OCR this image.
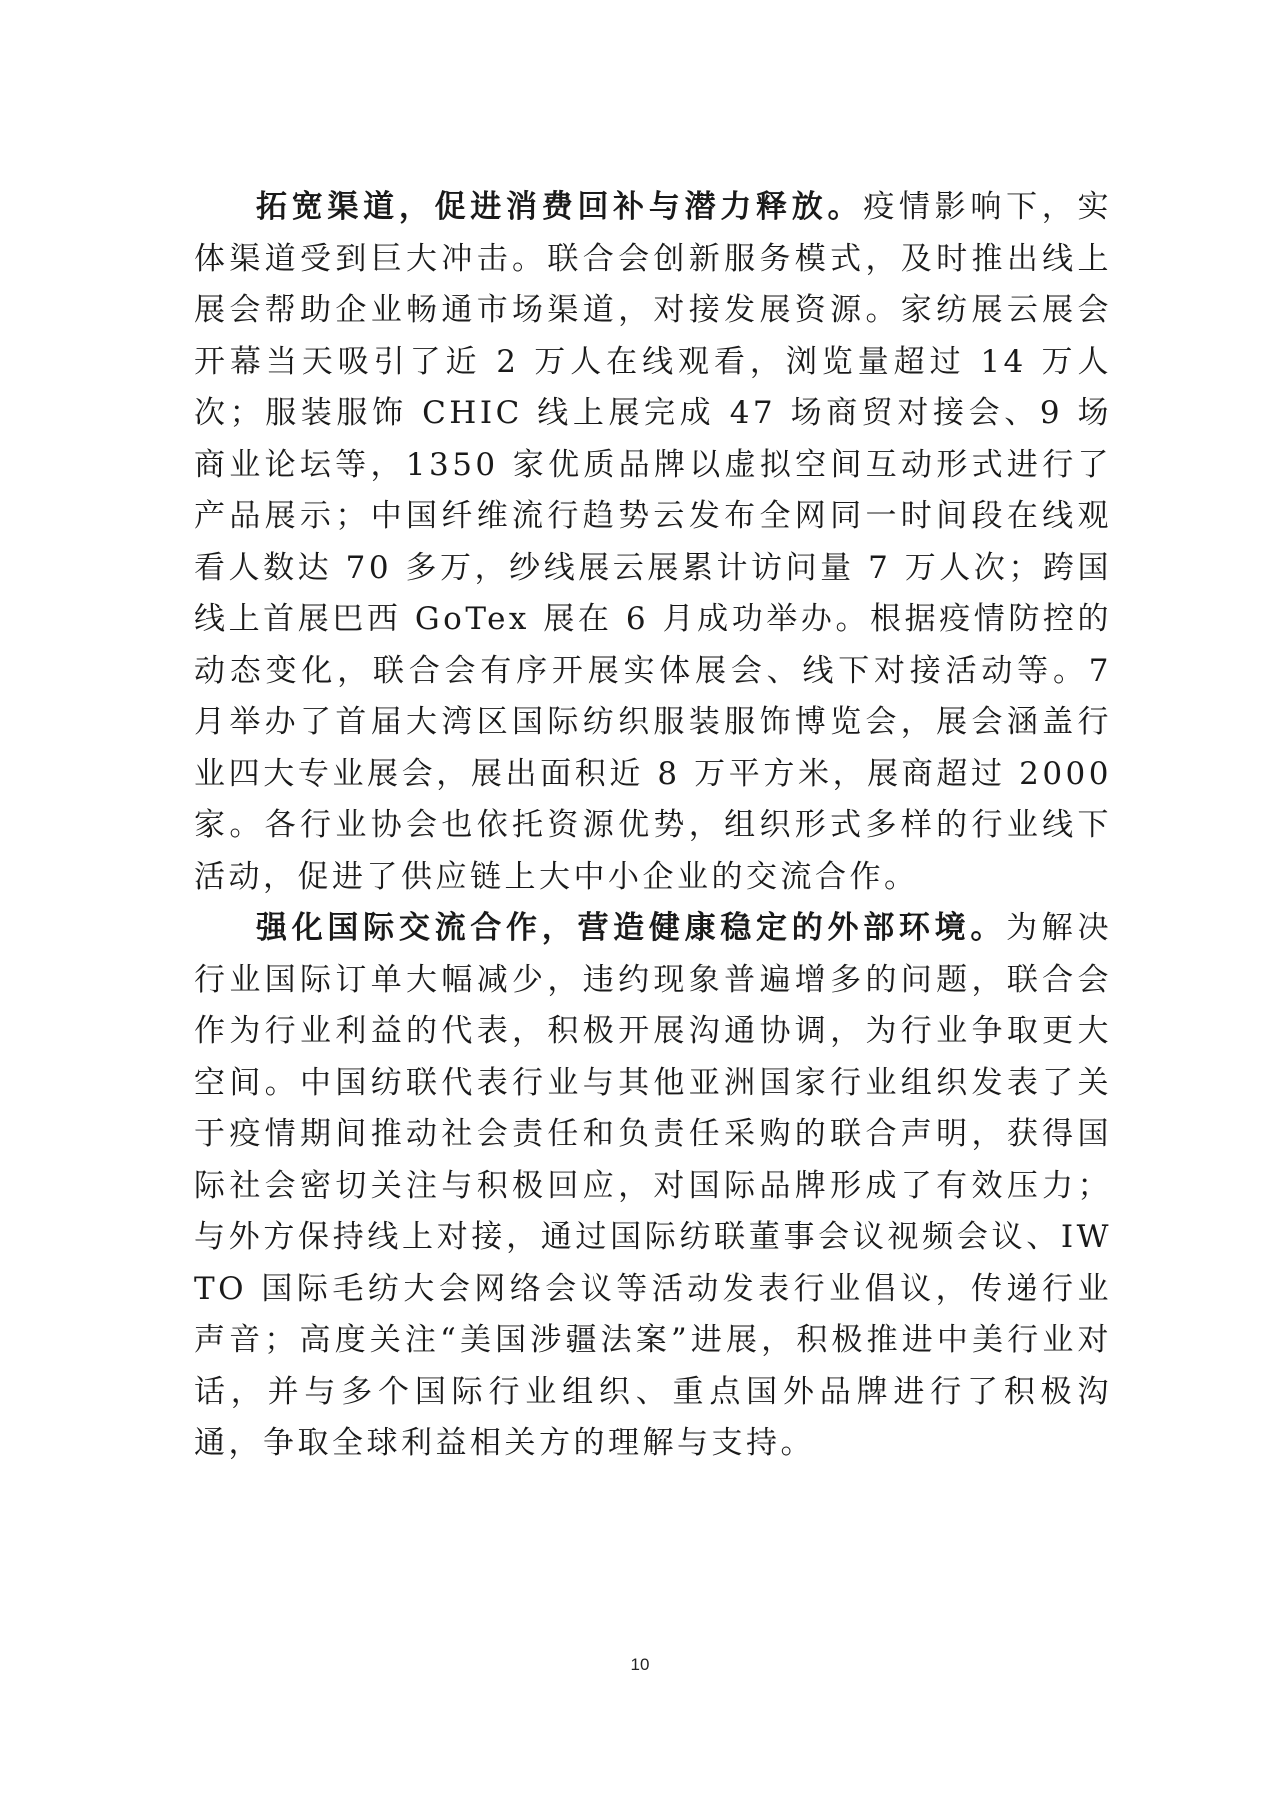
拓宽渠道，促进消费回补与潜力释放。疫情影响下，实体渠道受到巨大冲击。联合会创新服务模式，及时推出线上展会帮助企业畅通市场渠道，对接发展资源。家纺展云展会开幕当天吸引了近 2 万人在线观看，浏览量超过 14 万人次；服装服饰 CHIC 线上展完成 47 场商贸对接会、9 场商业论坛等，1350 家优质品牌以虚拟空间互动形式进行了产品展示；中国纤维流行趋势云发布全网同一时间段在线观看人数达 70 多万，纱线展云展累计访问量 7 万人次；跨国线上首展巴西 GoTex 展在 6 月成功举办。根据疫情防控的动态变化，联合会有序开展实体展会、线下对接活动等。7 月举办了首届大湾区国际纺织服装服饰博览会，展会涵盖行业四大专业展会，展出面积近 8 万平方米，展商超过 2000 家。各行业协会也依托资源优势，组织形式多样的行业线下活动，促进了供应链上大中小企业的交流合作。

强化国际交流合作，营造健康稳定的外部环境。为解决行业国际订单大幅减少，违约现象普遍增多的问题，联合会作为行业利益的代表，积极开展沟通协调，为行业争取更大空间。中国纺联代表行业与其他亚洲国家行业组织发表了关于疫情期间推动社会责任和负责任采购的联合声明，获得国际社会密切关注与积极回应，对国际品牌形成了有效压力；与外方保持线上对接，通过国际纺联董事会议视频会议、IWTO 国际毛纺大会网络会议等活动发表行业倡议，传递行业声音；高度关注“美国涉疆法案”进展，积极推进中美行业对话，并与多个国际行业组织、重点国外品牌进行了积极沟通，争取全球利益相关方的理解与支持。

10
